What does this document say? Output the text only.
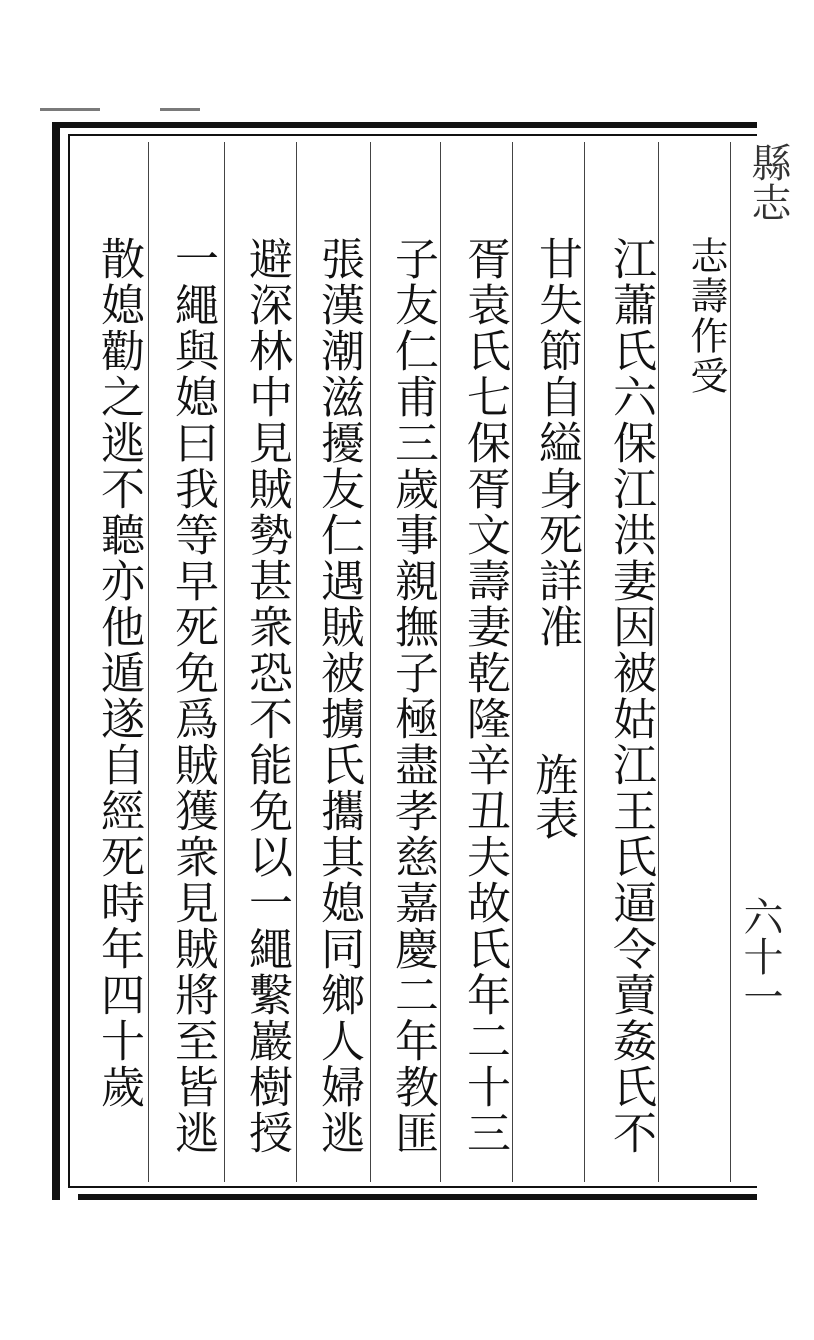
縣志
六十一
志壽作受
江蕭氏六保江洪妻因被姑江王氏逼令賣姦氏不
甘失節自縊身死詳准
旌表
胥袁氏七保胥文壽妻乾隆辛丑夫故氏年二十三
子友仁甫三歲事親撫子極盡孝慈嘉慶二年教匪
張漢潮滋擾友仁遇賊被擄氏攜其媳同鄉人婦逃
避深林中見賊勢甚衆恐不能免以一繩繫巖樹授
一繩與媳曰我等早死免爲賊獲衆見賊將至皆逃
散媳勸之逃不聽亦他遁遂自經死時年四十歲
